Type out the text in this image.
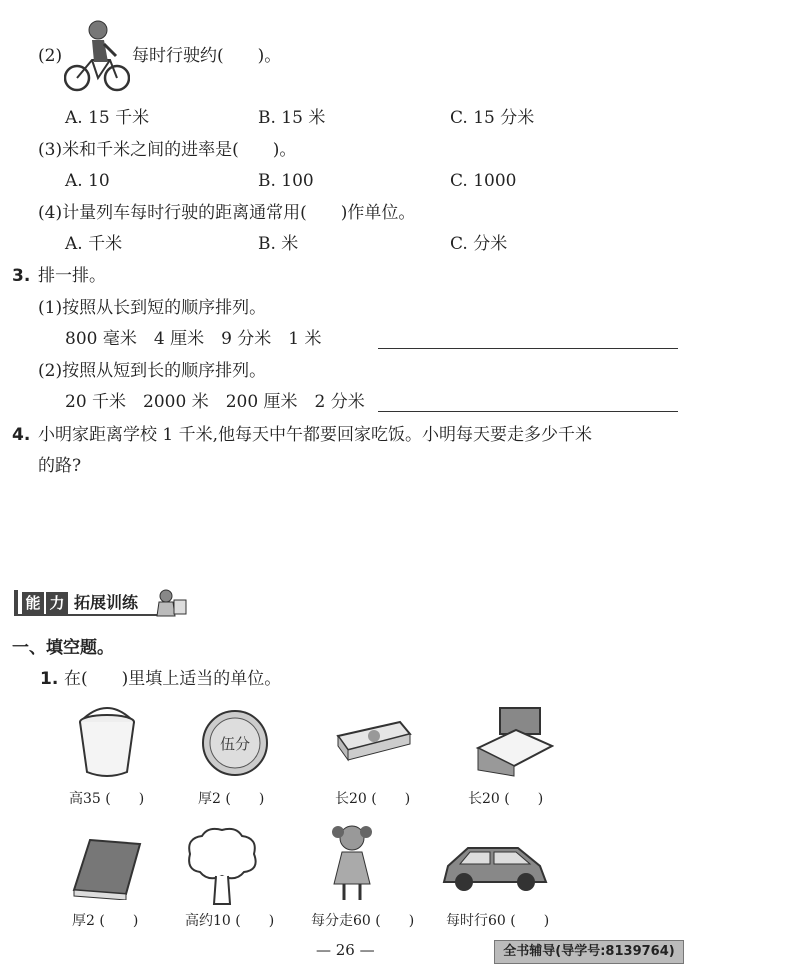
(2)	每时行驶约(　　)。
A. 15 千米	B. 15 米	C. 15 分米
(3)米和千米之间的进率是(　　)。
A. 10	B. 100	C. 1000
(4)计量列车每时行驶的距离通常用(　　)作单位。
A. 千米	B. 米	C. 分米
3. 排一排。
(1)按照从长到短的顺序排列。
800 毫米　4 厘米　9 分米　1 米
(2)按照从短到长的顺序排列。
20 千米　2000 米　200 厘米　2 分米
4. 小明家距离学校 1 千米,他每天中午都要回家吃饭。小明每天要走多少千米
的路?
能 力 拓展训练
一、填空题。
1. 在(　　)里填上适当的单位。
伍分
高35 (　　)	厚2 (　　)	长20 (　　)	长20 (　　)
厚2 (　　)	高约10 (　　)	每分走60 (　　) 每时行60 (　　)
— 26 —	全书辅导(导学号:8139764)
